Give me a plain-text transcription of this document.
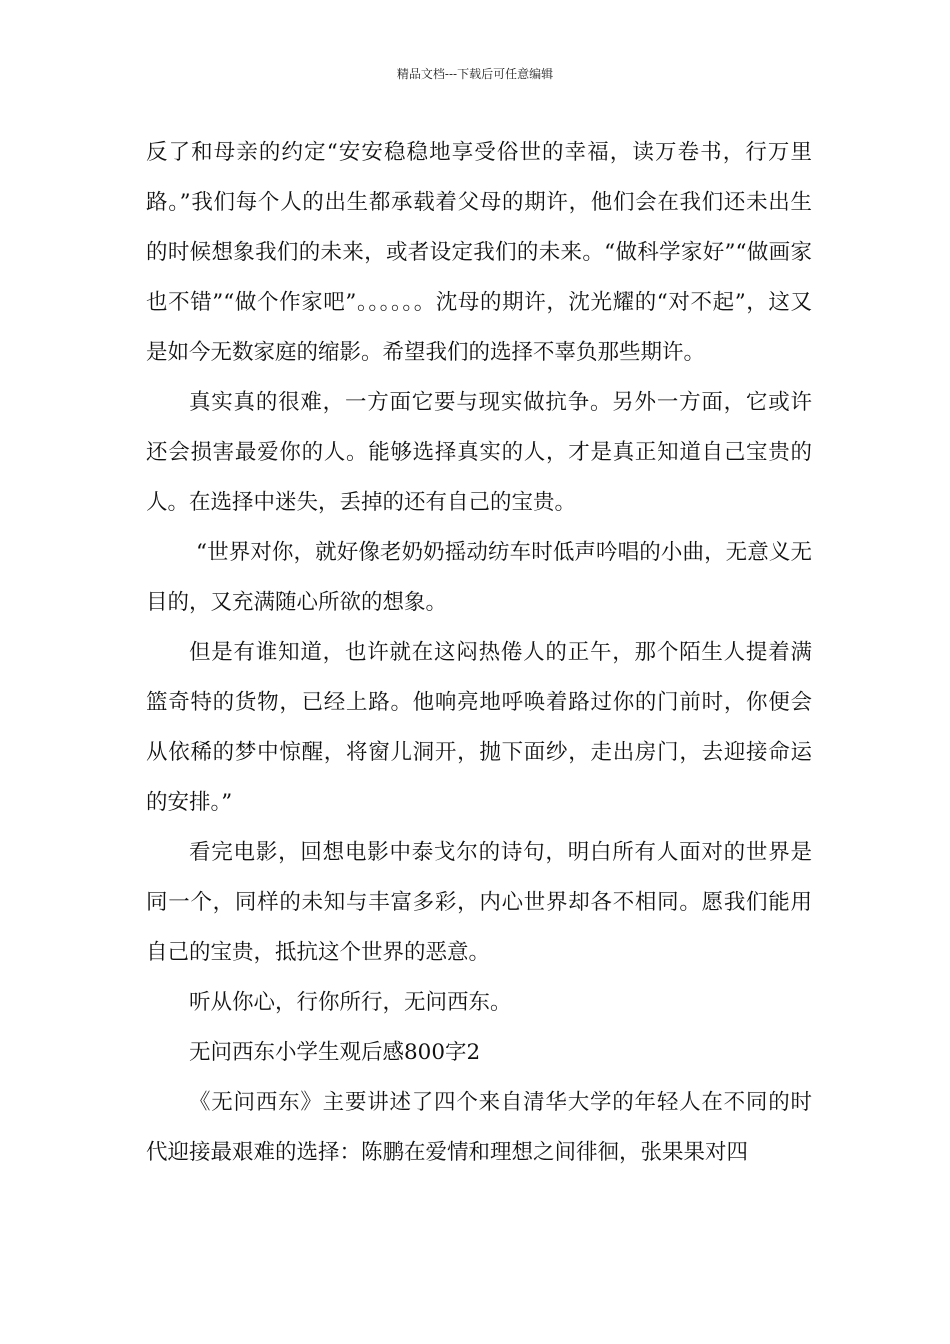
精品文档---下载后可任意编辑

反了和母亲的约定“安安稳稳地享受俗世的幸福，读万卷书，行万里路。”我们每个人的出生都承载着父母的期许，他们会在我们还未出生的时候想象我们的未来，或者设定我们的未来。“做科学家好”“做画家也不错”“做个作家吧”。。。。。。沈母的期许，沈光耀的“对不起”，这又是如今无数家庭的缩影。希望我们的选择不辜负那些期许。

真实真的很难，一方面它要与现实做抗争。另外一方面，它或许还会损害最爱你的人。能够选择真实的人，才是真正知道自己宝贵的人。在选择中迷失，丢掉的还有自己的宝贵。

“世界对你，就好像老奶奶摇动纺车时低声吟唱的小曲，无意义无目的，又充满随心所欲的想象。

但是有谁知道，也许就在这闷热倦人的正午，那个陌生人提着满篮奇特的货物，已经上路。他响亮地呼唤着路过你的门前时，你便会从依稀的梦中惊醒，将窗儿洞开，抛下面纱，走出房门，去迎接命运的安排。”

看完电影，回想电影中泰戈尔的诗句，明白所有人面对的世界是同一个，同样的未知与丰富多彩，内心世界却各不相同。愿我们能用自己的宝贵，抵抗这个世界的恶意。

听从你心，行你所行，无问西东。

无问西东小学生观后感800字2

《无问西东》主要讲述了四个来自清华大学的年轻人在不同的时代迎接最艰难的选择：陈鹏在爱情和理想之间徘徊，张果果对四
